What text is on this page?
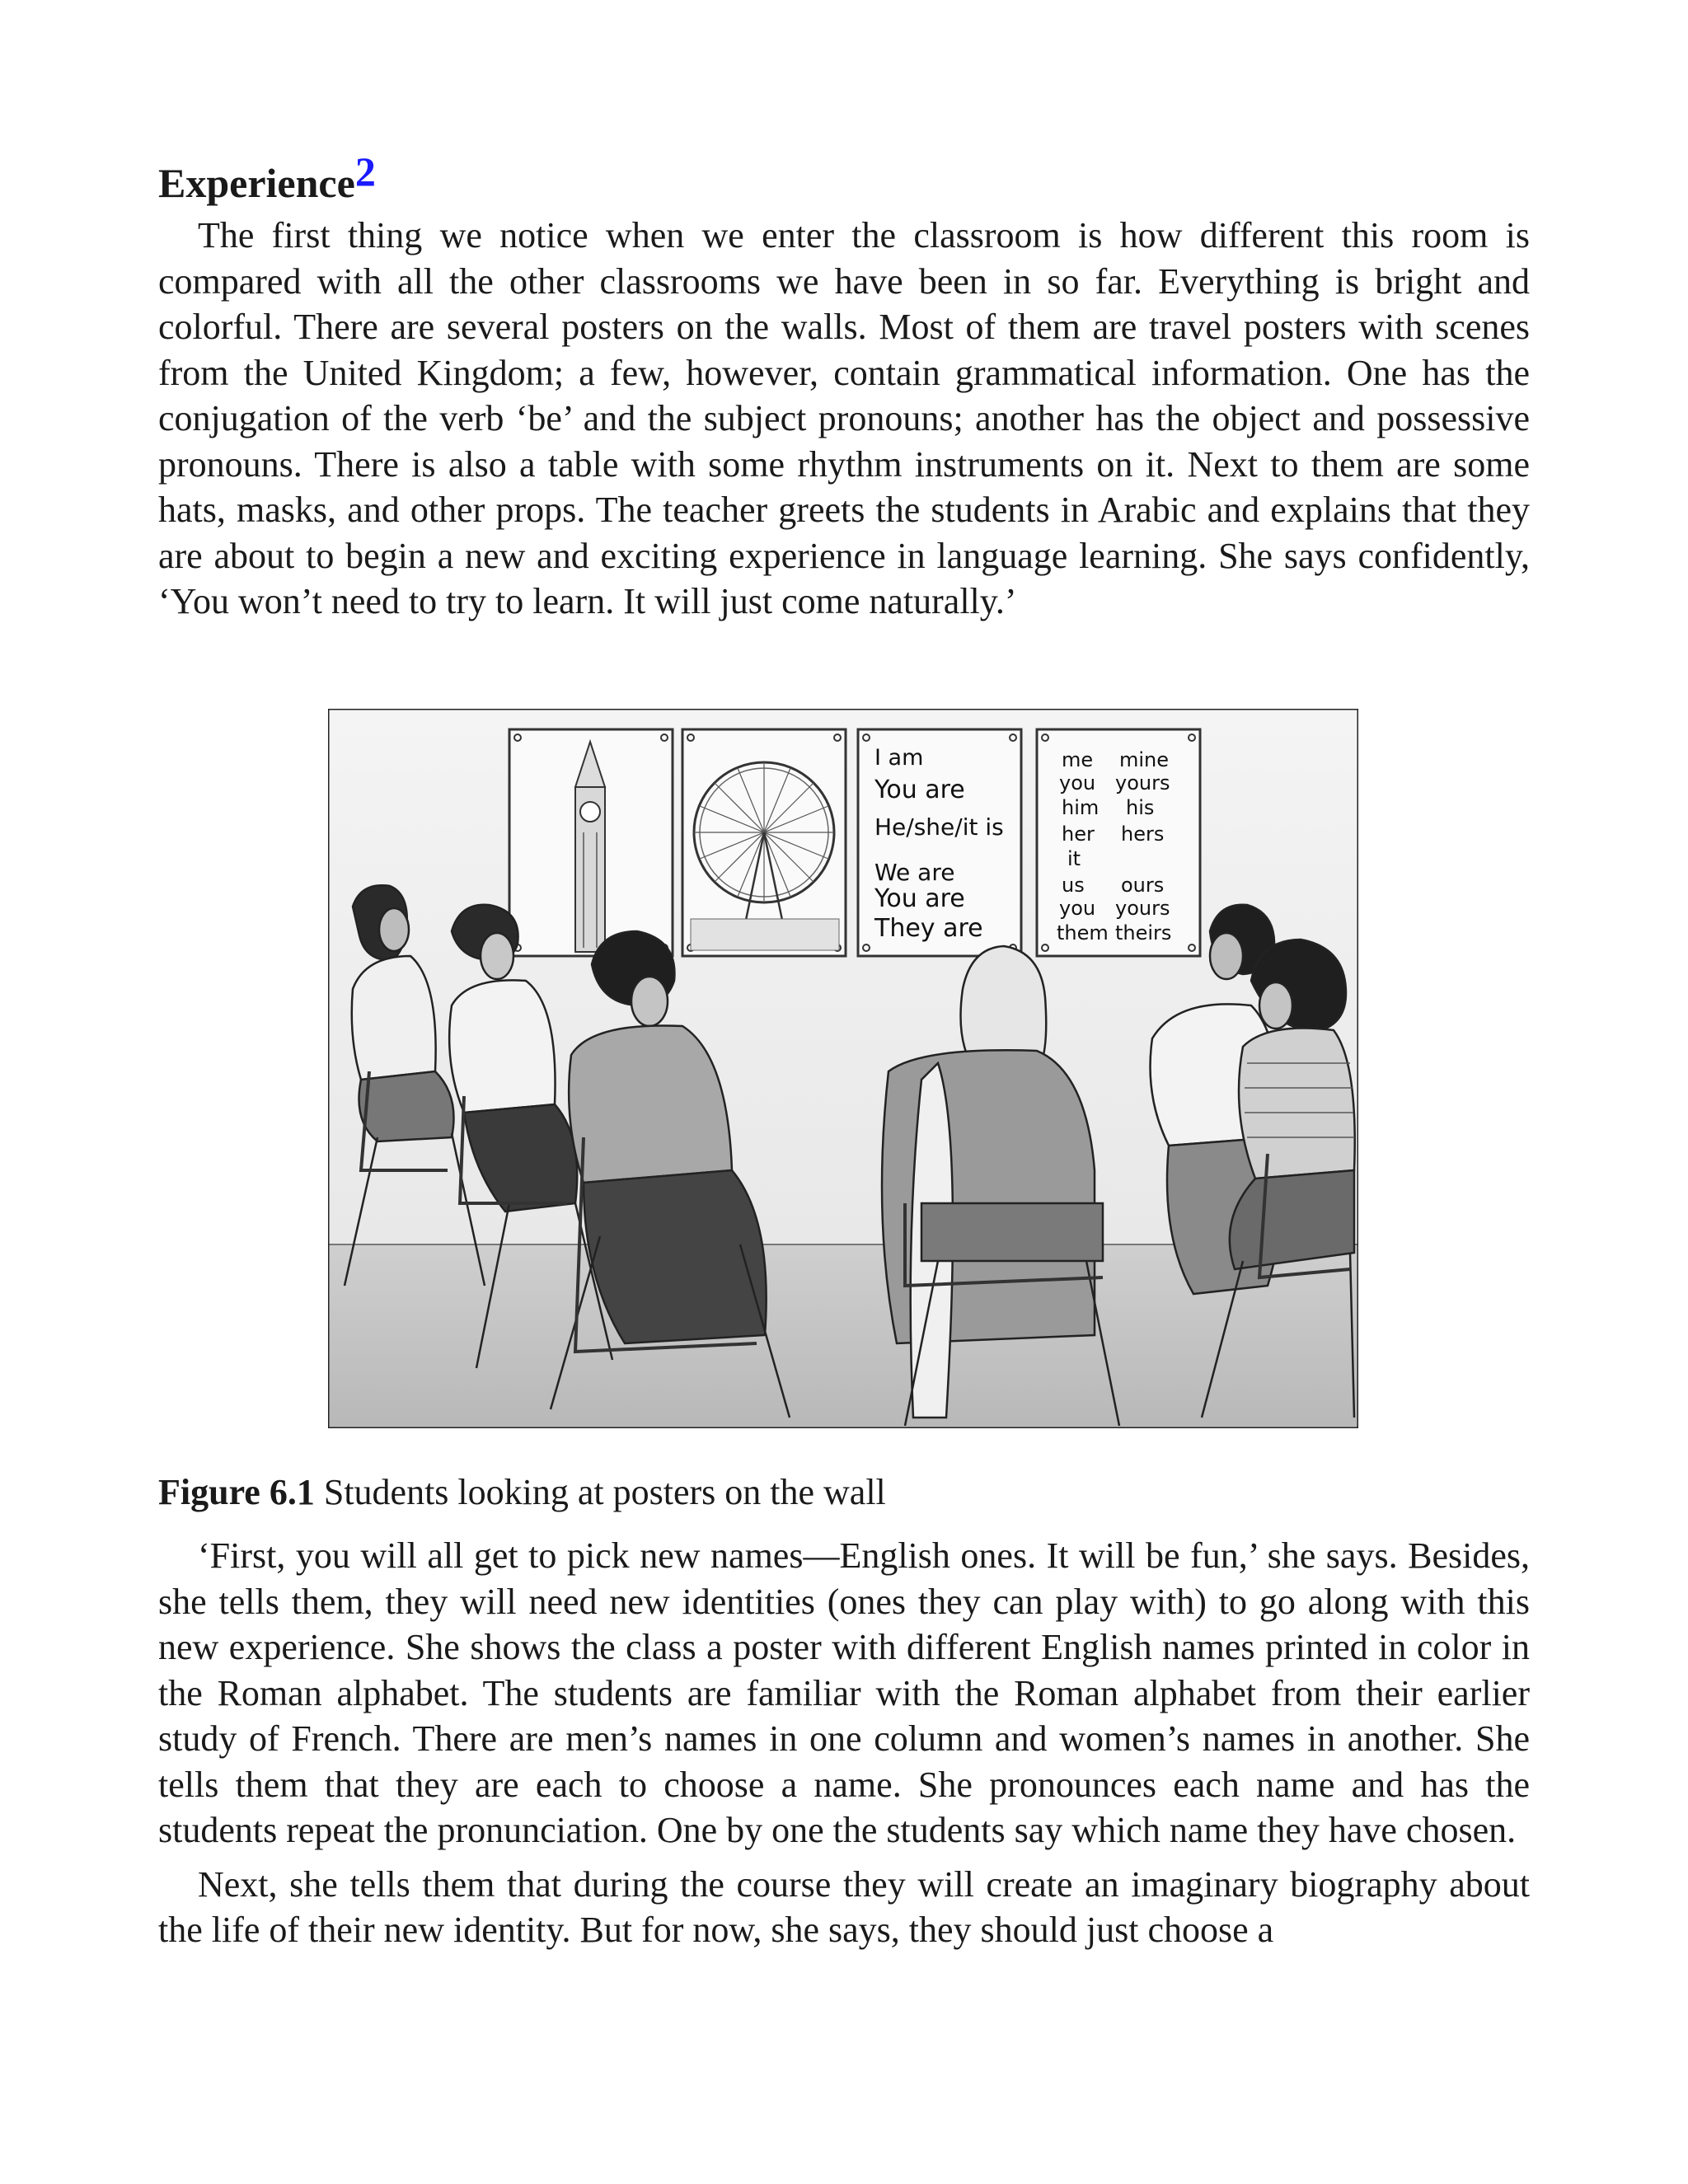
Experience$^2$

The first thing we notice when we enter the classroom is how different this room is compared with all the other classrooms we have been in so far. Everything is bright and colorful. There are several posters on the walls. Most of them are travel posters with scenes from the United Kingdom; a few, however, contain grammatical information. One has the conjugation of the verb ‘be’ and the subject pronouns; another has the object and possessive pronouns. There is also a table with some rhythm instruments on it. Next to them are some hats, masks, and other props. The teacher greets the students in Arabic and explains that they are about to begin a new and exciting experience in language learning. She says confidently, ‘You won’t need to try to learn. It will just come naturally.’

I am
You are
He/she/it is
We are
You are
They are
me
you
him
her
it
us
you
them
mine
yours
his
hers
ours
yours
theirs

Figure 6.1 Students looking at posters on the wall

‘First, you will all get to pick new names—English ones. It will be fun,’ she says. Besides, she tells them, they will need new identities (ones they can play with) to go along with this new experience. She shows the class a poster with different English names printed in color in the Roman alphabet. The students are familiar with the Roman alphabet from their earlier study of French. There are men’s names in one column and women’s names in another. She tells them that they are each to choose a name. She pronounces each name and has the students repeat the pronunciation. One by one the students say which name they have chosen.

Next, she tells them that during the course they will create an imaginary biography about the life of their new identity. But for now, she says, they should just choose a
